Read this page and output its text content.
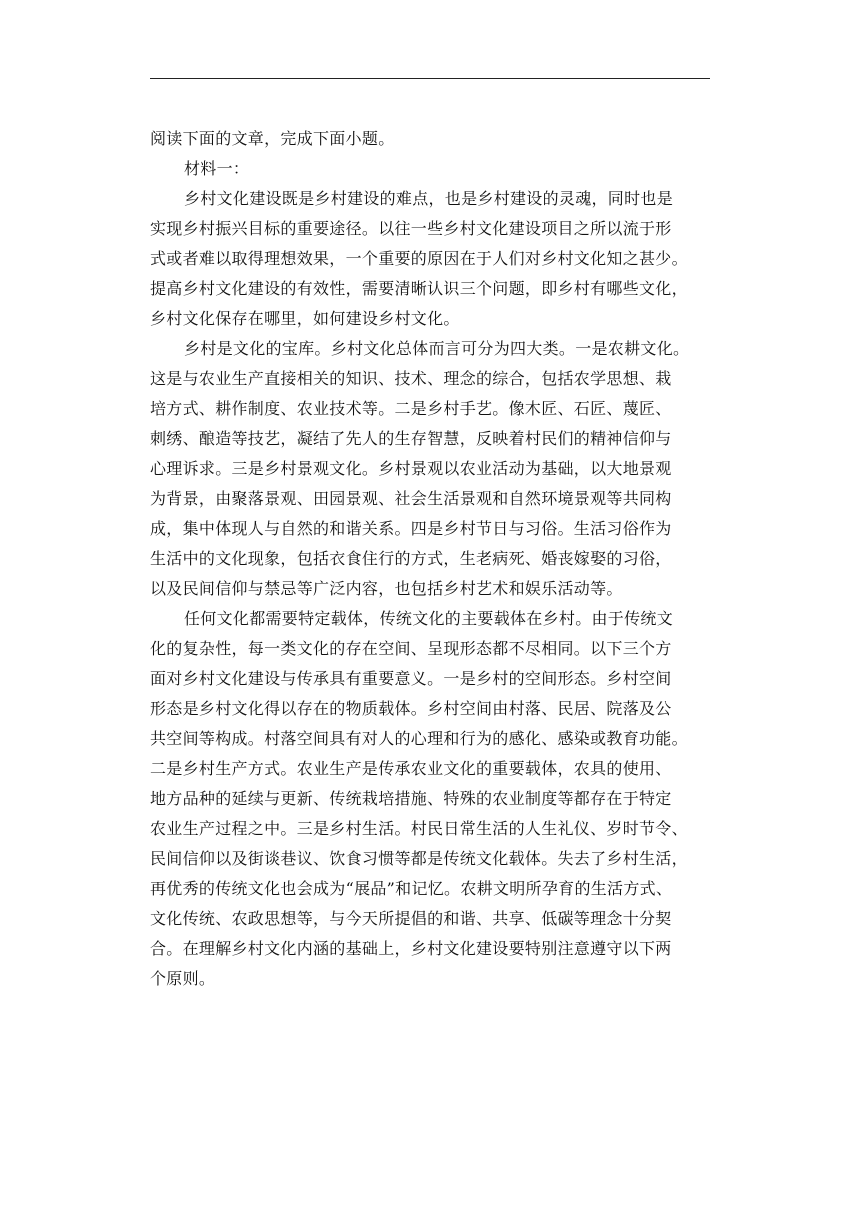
阅读下面的文章，完成下面小题。
材料一：
乡村文化建设既是乡村建设的难点，也是乡村建设的灵魂，同时也是
实现乡村振兴目标的重要途径。以往一些乡村文化建设项目之所以流于形
式或者难以取得理想效果，一个重要的原因在于人们对乡村文化知之甚少。
提高乡村文化建设的有效性，需要清晰认识三个问题，即乡村有哪些文化，
乡村文化保存在哪里，如何建设乡村文化。
乡村是文化的宝库。乡村文化总体而言可分为四大类。一是农耕文化。
这是与农业生产直接相关的知识、技术、理念的综合，包括农学思想、栽
培方式、耕作制度、农业技术等。二是乡村手艺。像木匠、石匠、蔑匠、
刺绣、酿造等技艺，凝结了先人的生存智慧，反映着村民们的精神信仰与
心理诉求。三是乡村景观文化。乡村景观以农业活动为基础，以大地景观
为背景，由聚落景观、田园景观、社会生活景观和自然环境景观等共同构
成，集中体现人与自然的和谐关系。四是乡村节日与习俗。生活习俗作为
生活中的文化现象，包括衣食住行的方式，生老病死、婚丧嫁娶的习俗，
以及民间信仰与禁忌等广泛内容，也包括乡村艺术和娱乐活动等。
任何文化都需要特定载体，传统文化的主要载体在乡村。由于传统文
化的复杂性，每一类文化的存在空间、呈现形态都不尽相同。以下三个方
面对乡村文化建设与传承具有重要意义。一是乡村的空间形态。乡村空间
形态是乡村文化得以存在的物质载体。乡村空间由村落、民居、院落及公
共空间等构成。村落空间具有对人的心理和行为的感化、感染或教育功能。
二是乡村生产方式。农业生产是传承农业文化的重要载体，农具的使用、
地方品种的延续与更新、传统栽培措施、特殊的农业制度等都存在于特定
农业生产过程之中。三是乡村生活。村民日常生活的人生礼仪、岁时节令、
民间信仰以及街谈巷议、饮食习惯等都是传统文化载体。失去了乡村生活，
再优秀的传统文化也会成为“展品”和记忆。农耕文明所孕育的生活方式、
文化传统、农政思想等，与今天所提倡的和谐、共享、低碳等理念十分契
合。在理解乡村文化内涵的基础上，乡村文化建设要特别注意遵守以下两
个原则。
